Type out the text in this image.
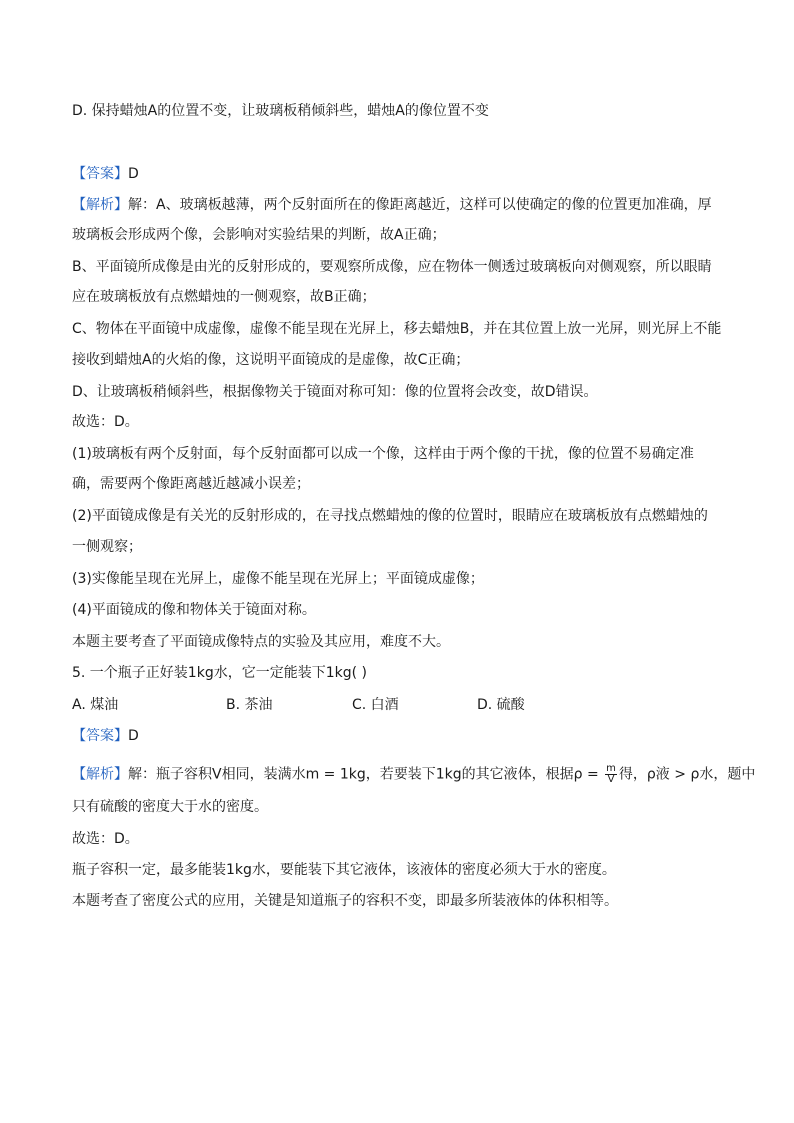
D. 保持蜡烛A的位置不变，让玻璃板稍倾斜些，蜡烛A的像位置不变
【答案】D
【解析】解：A、玻璃板越薄，两个反射面所在的像距离越近，这样可以使确定的像的位置更加准确，厚
玻璃板会形成两个像，会影响对实验结果的判断，故A正确；
B、平面镜所成像是由光的反射形成的，要观察所成像，应在物体一侧透过玻璃板向对侧观察，所以眼睛
应在玻璃板放有点燃蜡烛的一侧观察，故B正确；
C、物体在平面镜中成虚像，虚像不能呈现在光屏上，移去蜡烛B，并在其位置上放一光屏，则光屏上不能
接收到蜡烛A的火焰的像，这说明平面镜成的是虚像，故C正确；
D、让玻璃板稍倾斜些，根据像物关于镜面对称可知：像的位置将会改变，故D错误。
故选：D。
(1)玻璃板有两个反射面，每个反射面都可以成一个像，这样由于两个像的干扰，像的位置不易确定准
确，需要两个像距离越近越减小误差；
(2)平面镜成像是有关光的反射形成的，在寻找点燃蜡烛的像的位置时，眼睛应在玻璃板放有点燃蜡烛的
一侧观察；
(3)实像能呈现在光屏上，虚像不能呈现在光屏上；平面镜成虚像；
(4)平面镜成的像和物体关于镜面对称。
本题主要考查了平面镜成像特点的实验及其应用，难度不大。
5. 一个瓶子正好装1kg水，它一定能装下1kg( )
A. 煤油	B. 茶油	C. 白酒	D. 硫酸
【答案】D
【解析】解：瓶子容积V相同，装满水m = 1kg，若要装下1kg的其它液体，根据$\rho = \frac{m}{V}$ 得，ρ液 > ρ水，题中
只有硫酸的密度大于水的密度。
故选：D。
瓶子容积一定，最多能装1kg水，要能装下其它液体，该液体的密度必须大于水的密度。
本题考查了密度公式的应用，关键是知道瓶子的容积不变，即最多所装液体的体积相等。
